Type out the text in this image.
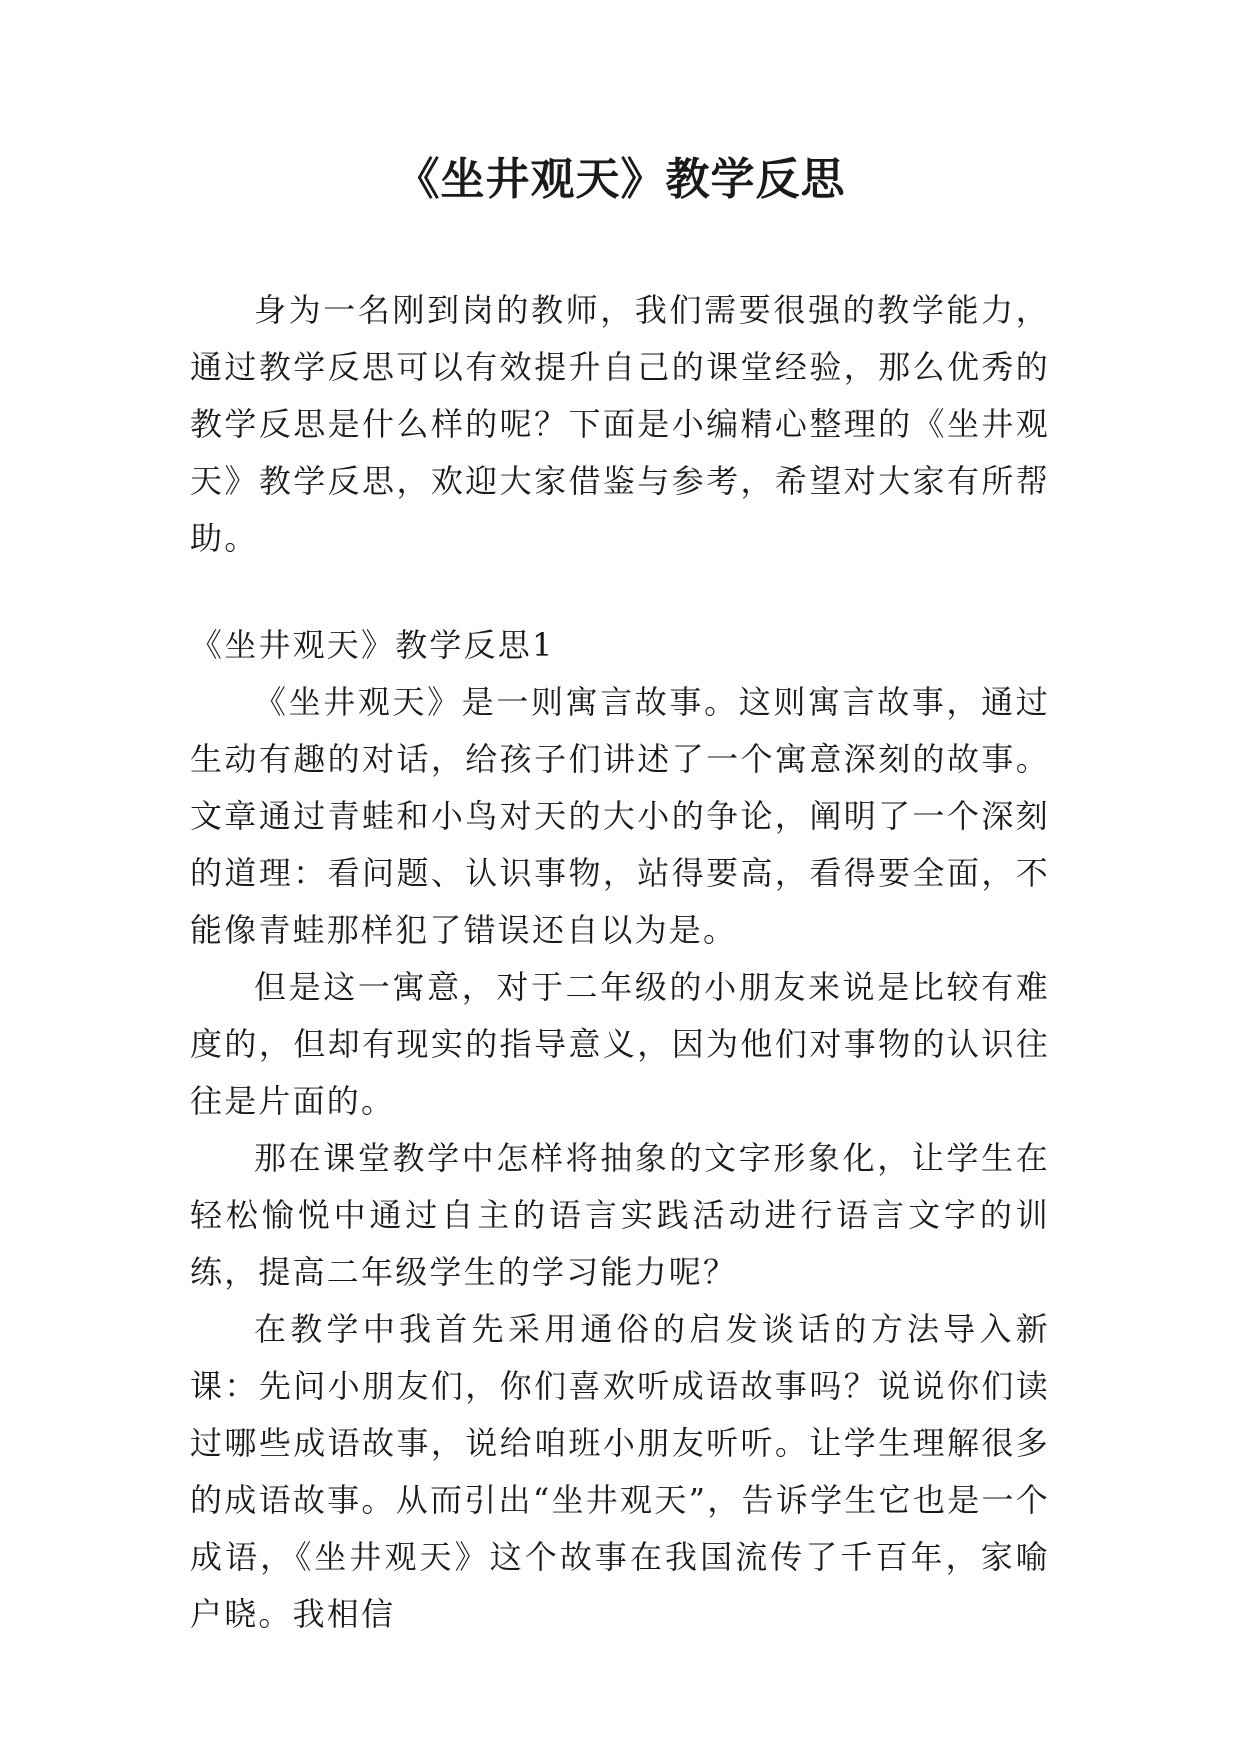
《坐井观天》教学反思

身为一名刚到岗的教师，我们需要很强的教学能力，通过教学反思可以有效提升自己的课堂经验，那么优秀的教学反思是什么样的呢？下面是小编精心整理的《坐井观天》教学反思，欢迎大家借鉴与参考，希望对大家有所帮助。

《坐井观天》教学反思1

《坐井观天》是一则寓言故事。这则寓言故事，通过生动有趣的对话，给孩子们讲述了一个寓意深刻的故事。文章通过青蛙和小鸟对天的大小的争论，阐明了一个深刻的道理：看问题、认识事物，站得要高，看得要全面，不能像青蛙那样犯了错误还自以为是。

但是这一寓意，对于二年级的小朋友来说是比较有难度的，但却有现实的指导意义，因为他们对事物的认识往往是片面的。

那在课堂教学中怎样将抽象的文字形象化，让学生在轻松愉悦中通过自主的语言实践活动进行语言文字的训练，提高二年级学生的学习能力呢？

在教学中我首先采用通俗的启发谈话的方法导入新课：先问小朋友们，你们喜欢听成语故事吗？说说你们读过哪些成语故事，说给咱班小朋友听听。让学生理解很多的成语故事。从而引出“坐井观天”，告诉学生它也是一个成语，《坐井观天》这个故事在我国流传了千百年，家喻户晓。我相信
